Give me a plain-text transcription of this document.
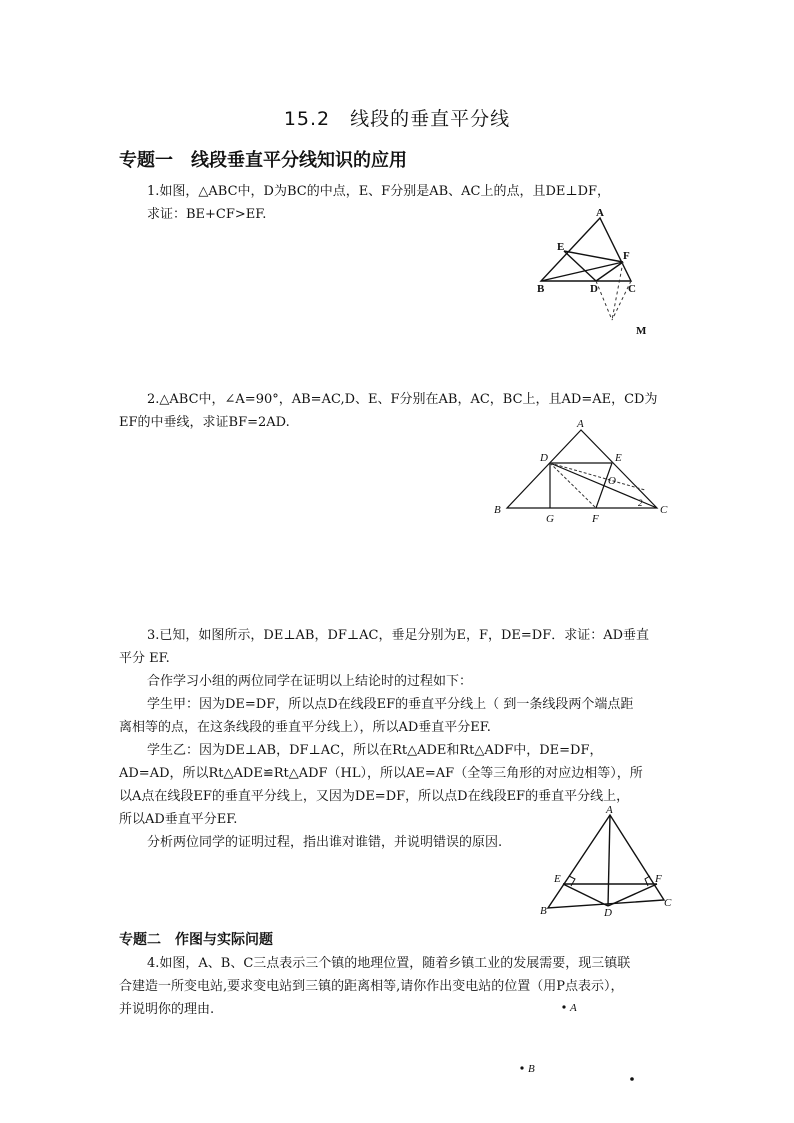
15.2　线段的垂直平分线
专题一　线段垂直平分线知识的应用
1.如图，△ABC中，D为BC的中点，E、F分别是AB、AC上的点，且DE⊥DF，
求证：BE+CF>EF.	A
E
F
B	D	C
M
2.△ABC中，∠A=90°，AB=AC,D、E、F分别在AB，AC，BC上，且AD=AE，CD为
EF的中垂线，求证BF=2AD.	A
D	E
O
B
G	F
C
2
3.已知，如图所示，DE⊥AB，DF⊥AC，垂足分别为E，F，DE=DF．求证：AD垂直
平分 EF.
合作学习小组的两位同学在证明以上结论时的过程如下：
学生甲：因为DE=DF，所以点D在线段EF的垂直平分线上（ 到一条线段两个端点距
离相等的点，在这条线段的垂直平分线上），所以AD垂直平分EF.
学生乙：因为DE⊥AB，DF⊥AC，所以在Rt△ADE和Rt△ADF中，DE=DF，
AD=AD，所以Rt△ADE≌Rt△ADF（HL），所以AE=AF（全等三角形的对应边相等），所
以A点在线段EF的垂直平分线上，又因为DE=DF，所以点D在线段EF的垂直平分线上，
所以AD垂直平分EF.
分析两位同学的证明过程，指出谁对谁错，并说明错误的原因.
A
E	F
B	D
C
专题二　作图与实际问题
4.如图，A、B、C三点表示三个镇的地理位置，随着乡镇工业的发展需要，现三镇联
合建造一所变电站,要求变电站到三镇的距离相等,请你作出变电站的位置（用P点表示），
并说明你的理由.	A
B
